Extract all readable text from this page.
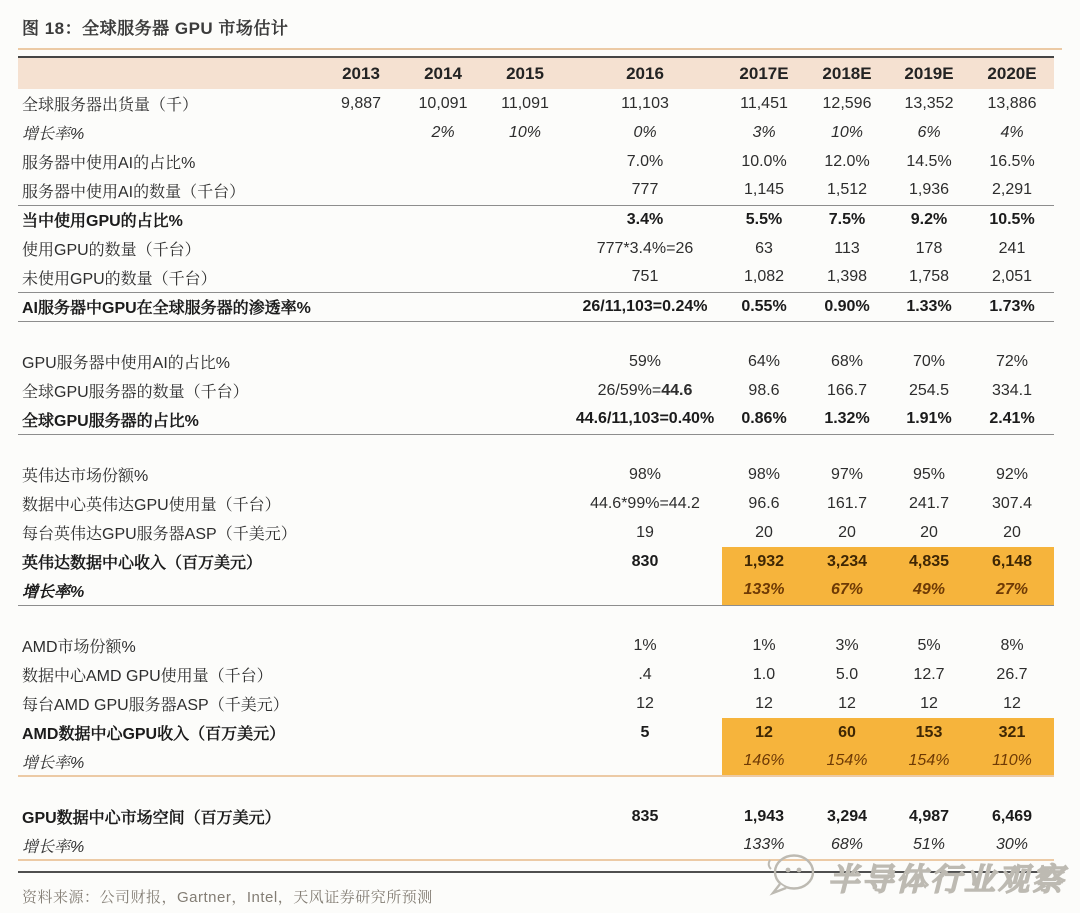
图 18：全球服务器 GPU 市场估计
	2013	2014	2015	2016	2017E	2018E	2019E	2020E
全球服务器出货量（千）	9,887	10,091	11,091	11,103	11,451	12,596	13,352	13,886
增长率%		2%	10%	0%	3%	10%	6%	4%
服务器中使用AI的占比%				7.0%	10.0%	12.0%	14.5%	16.5%
服务器中使用AI的数量（千台）				777	1,145	1,512	1,936	2,291
当中使用GPU的占比%				3.4%	5.5%	7.5%	9.2%	10.5%
使用GPU的数量（千台）				777*3.4%=26	63	113	178	241
未使用GPU的数量（千台）				751	1,082	1,398	1,758	2,051
AI服务器中GPU在全球服务器的渗透率%				26/11,103=0.24%	0.55%	0.90%	1.33%	1.73%

GPU服务器中使用AI的占比%				59%	64%	68%	70%	72%
全球GPU服务器的数量（千台）				26/59%=44.6	98.6	166.7	254.5	334.1
全球GPU服务器的占比%				44.6/11,103=0.40%	0.86%	1.32%	1.91%	2.41%

英伟达市场份额%				98%	98%	97%	95%	92%
数据中心英伟达GPU使用量（千台）				44.6*99%=44.2	96.6	161.7	241.7	307.4
每台英伟达GPU服务器ASP（千美元）				19	20	20	20	20
英伟达数据中心收入（百万美元）				830	1,932	3,234	4,835	6,148
增长率%					133%	67%	49%	27%

AMD市场份额%				1%	1%	3%	5%	8%
数据中心AMD GPU使用量（千台）				.4	1.0	5.0	12.7	26.7
每台AMD GPU服务器ASP（千美元）				12	12	12	12	12
AMD数据中心GPU收入（百万美元）				5	12	60	153	321
增长率%					146%	154%	154%	110%

GPU数据中心市场空间（百万美元）				835	1,943	3,294	4,987	6,469
增长率%					133%	68%	51%	30%
资料来源：公司财报，Gartner，Intel，天风证券研究所预测
半导体行业观察
